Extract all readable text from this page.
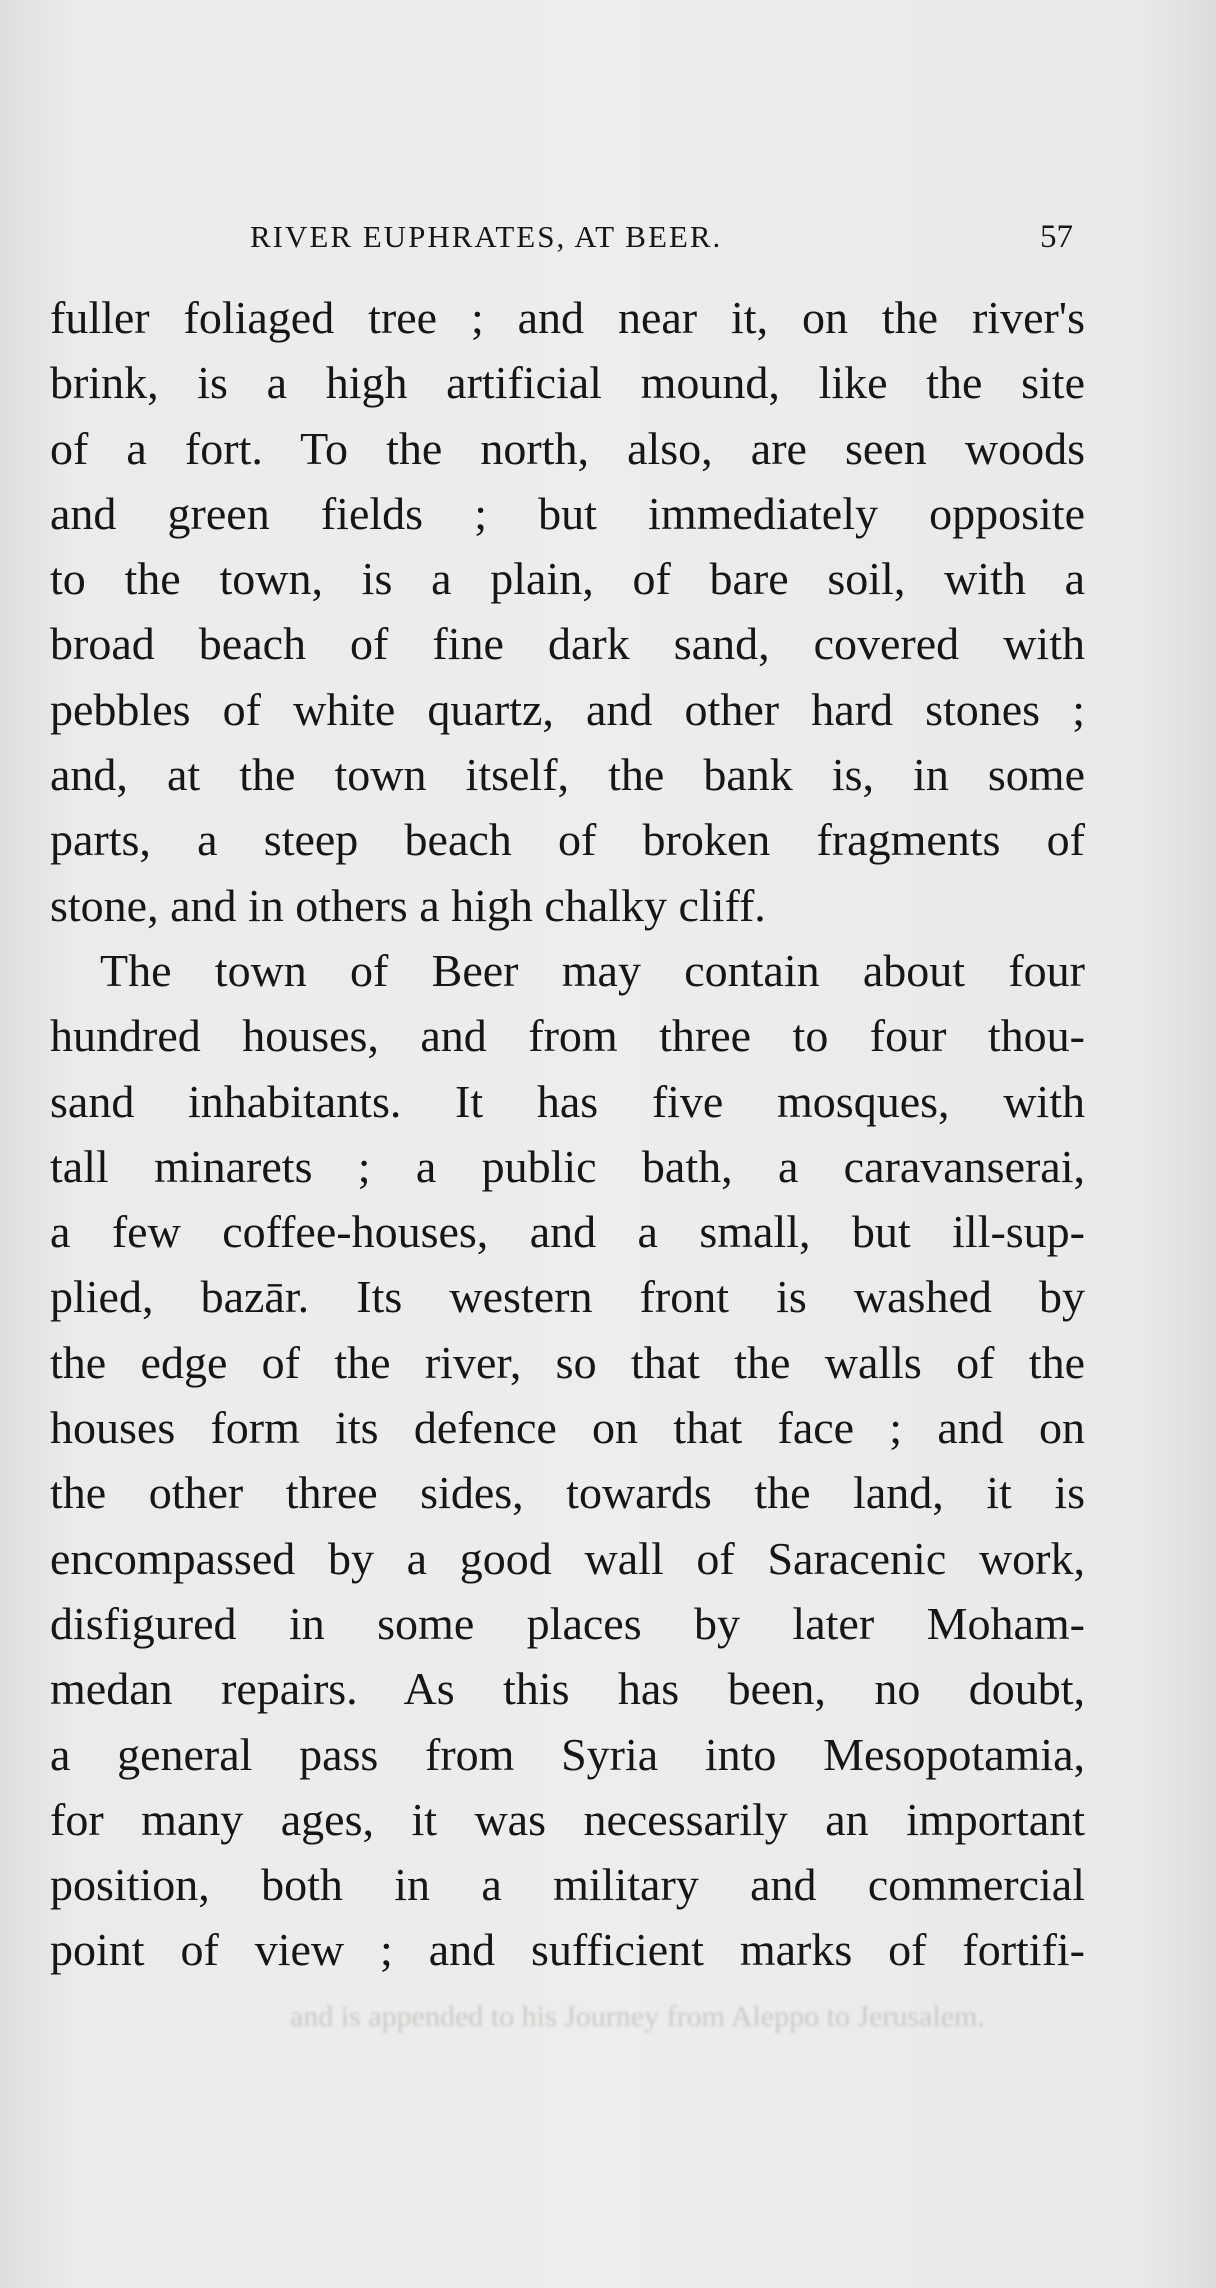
RIVER EUPHRATES, AT BEER.	57
fuller foliaged tree ; and near it, on the river's
brink, is a high artificial mound, like the site
of a fort. To the north, also, are seen woods
and green fields ; but immediately opposite
to the town, is a plain, of bare soil, with a
broad beach of fine dark sand, covered with
pebbles of white quartz, and other hard stones ;
and, at the town itself, the bank is, in some
parts, a steep beach of broken fragments of
stone, and in others a high chalky cliff.
The town of Beer may contain about four
hundred houses, and from three to four thou-
sand inhabitants. It has five mosques, with
tall minarets ; a public bath, a caravanserai,
a few coffee-houses, and a small, but ill-sup-
plied, bazār. Its western front is washed by
the edge of the river, so that the walls of the
houses form its defence on that face ; and on
the other three sides, towards the land, it is
encompassed by a good wall of Saracenic work,
disfigured in some places by later Moham-
medan repairs. As this has been, no doubt,
a general pass from Syria into Mesopotamia,
for many ages, it was necessarily an important
position, both in a military and commercial
point of view ; and sufficient marks of fortifi-
and is appended to his Journey from Aleppo to Jerusalem.
